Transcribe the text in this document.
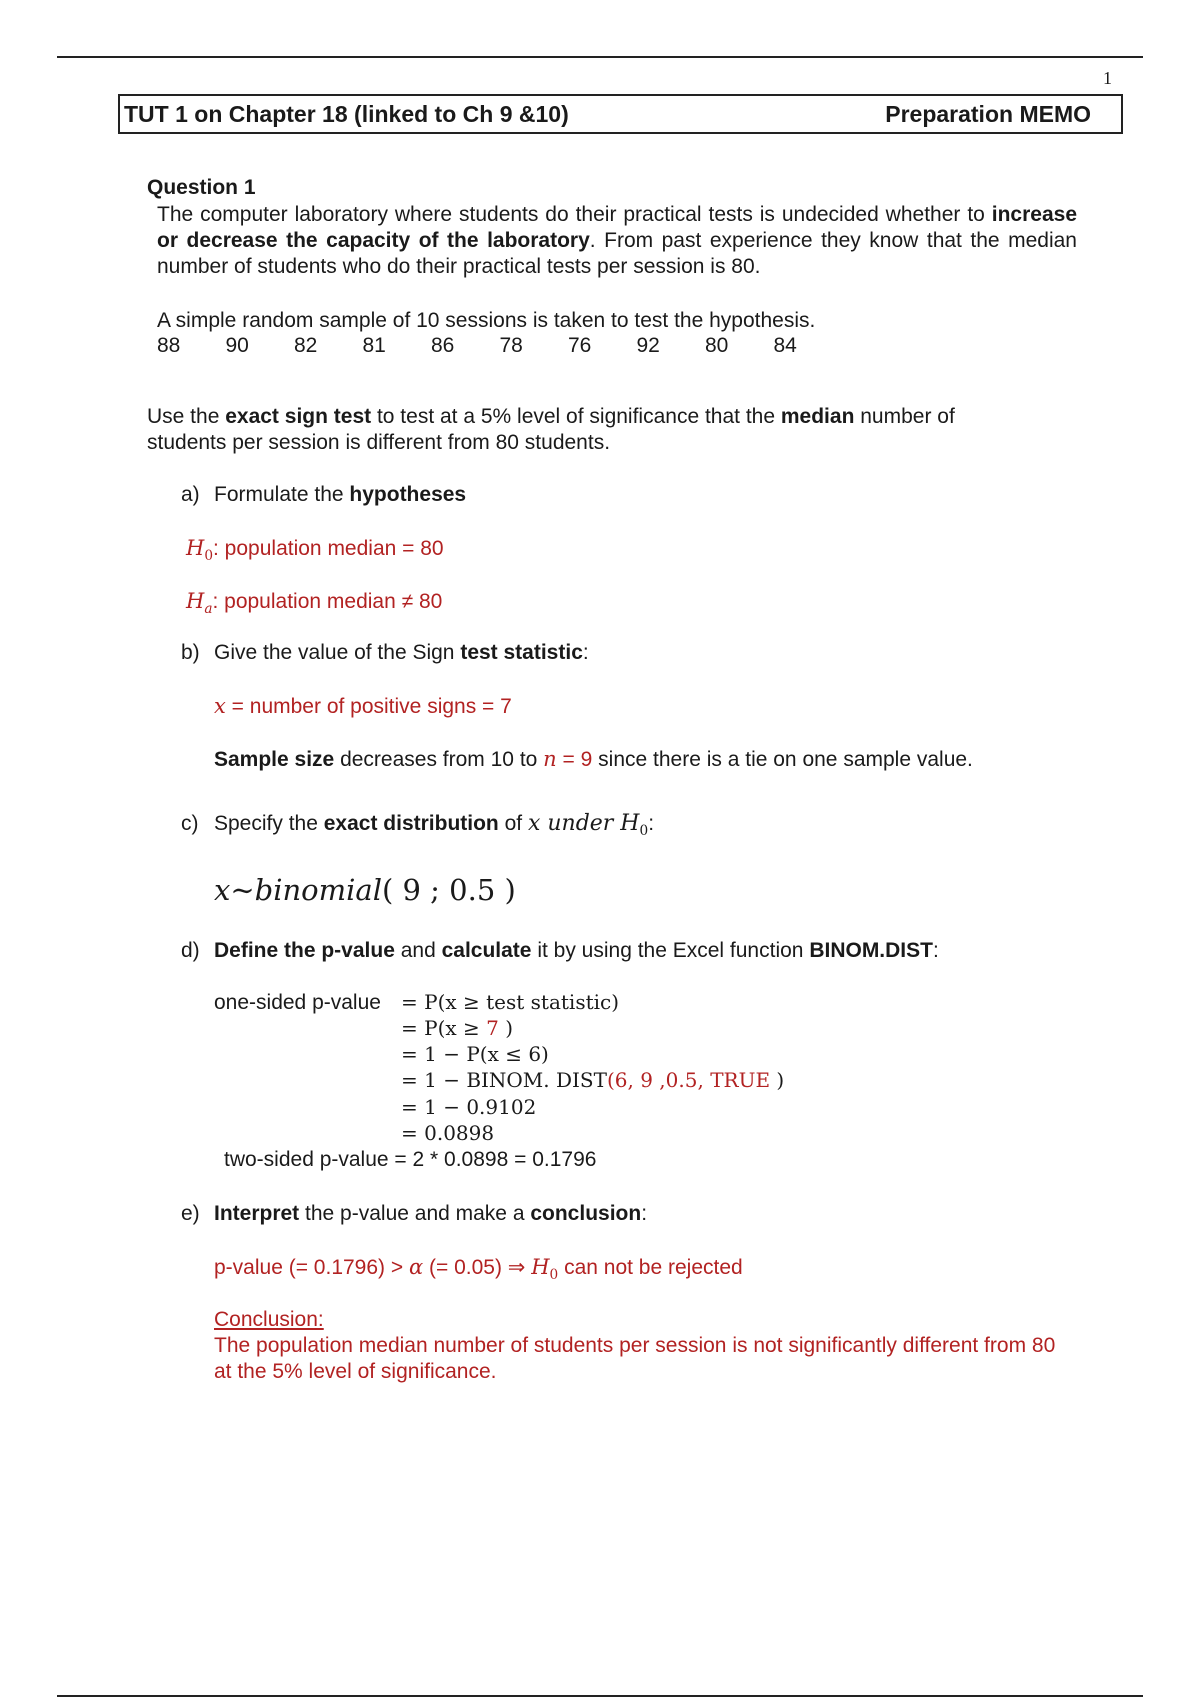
1
TUT 1 on Chapter 18 (linked to Ch 9 &10)	Preparation MEMO
Question 1
The computer laboratory where students do their practical tests is undecided whether to increase or decrease the capacity of the laboratory. From past experience they know that the median number of students who do their practical tests per session is 80.
A simple random sample of 10 sessions is taken to test the hypothesis.
88 90 82 81 86 78 76 92 80 84
Use the exact sign test to test at a 5% level of significance that the median number of
students per session is different from 80 students.
a) Formulate the hypotheses
$H_0$: population median = 80
$H_a$: population median ≠ 80
b) Give the value of the Sign test statistic:
x = number of positive signs = 7
Sample size decreases from 10 to n = 9 since there is a tie on one sample value.
c) Specify the exact distribution of x under $H_0$:
x∼binomial( 9 ; 0.5 )
d) Define the p-value and calculate it by using the Excel function BINOM.DIST:
one-sided p-value = P(x ≥ test statistic)
= P(x ≥ 7 )
= 1 − P(x ≤ 6)
= 1 − BINOM. DIST(6, 9 ,0.5, TRUE )
= 1 − 0.9102
= 0.0898
two-sided p-value = 2 * 0.0898 = 0.1796
e) Interpret the p-value and make a conclusion:
p-value (= 0.1796) > α (= 0.05) ⇒ $H_0$ can not be rejected
Conclusion:
The population median number of students per session is not significantly different from 80 at the 5% level of significance.
